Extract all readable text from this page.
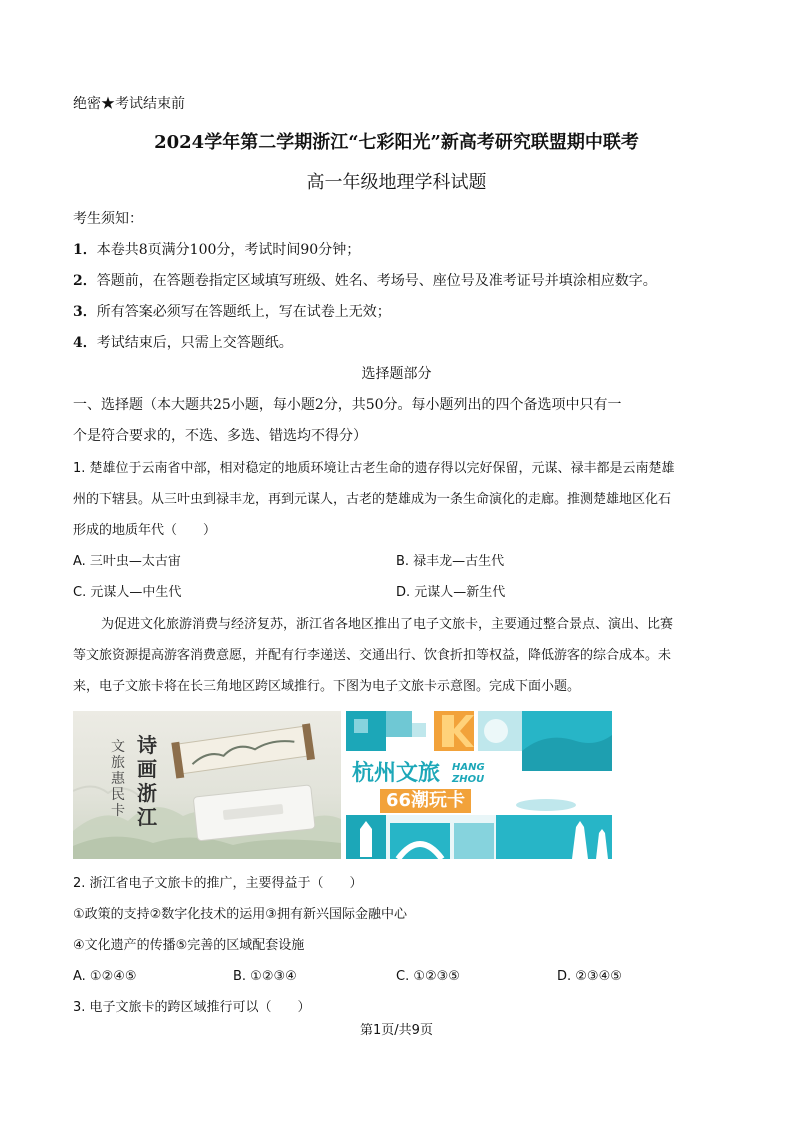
绝密★考试结束前
2024学年第二学期浙江“七彩阳光”新高考研究联盟期中联考
高一年级地理学科试题
考生须知：
1．本卷共8页满分100分，考试时间90分钟；
2．答题前，在答题卷指定区域填写班级、姓名、考场号、座位号及准考证号并填涂相应数字。
3．所有答案必须写在答题纸上，写在试卷上无效；
4．考试结束后，只需上交答题纸。
选择题部分
一、选择题（本大题共25小题，每小题2分，共50分。每小题列出的四个备选项中只有一
个是符合要求的，不选、多选、错选均不得分）
1. 楚雄位于云南省中部，相对稳定的地质环境让古老生命的遗存得以完好保留，元谋、禄丰都是云南楚雄
州的下辖县。从三叶虫到禄丰龙，再到元谋人，古老的楚雄成为一条生命演化的走廊。推测楚雄地区化石
形成的地质年代（　　）
A. 三叶虫—太古宙	B. 禄丰龙—古生代
C. 元谋人—中生代	D. 元谋人—新生代
为促进文化旅游消费与经济复苏，浙江省各地区推出了电子文旅卡，主要通过整合景点、演出、比赛
等文旅资源提高游客消费意愿，并配有行李递送、交通出行、饮食折扣等权益，降低游客的综合成本。未
来，电子文旅卡将在长三角地区跨区域推行。下图为电子文旅卡示意图。完成下面小题。
文旅惠民卡
诗画浙江
杭州文旅 HANG
ZHOU
66潮玩卡
2. 浙江省电子文旅卡的推广，主要得益于（　　）
①政策的支持②数字化技术的运用③拥有新兴国际金融中心
④文化遗产的传播⑤完善的区域配套设施
A. ①②④⑤	B. ①②③④	C. ①②③⑤	D. ②③④⑤
3. 电子文旅卡的跨区域推行可以（　　）
第1页/共9页
